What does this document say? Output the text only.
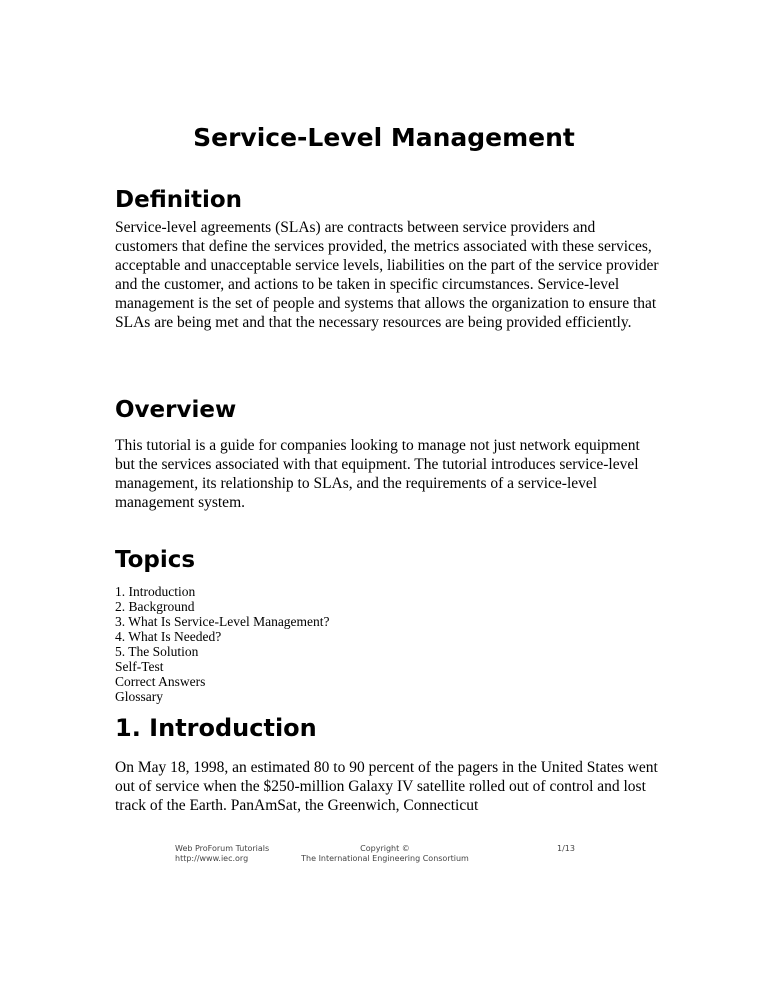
Service-Level Management
Definition

Service-level agreements (SLAs) are contracts between service providers and customers that define the services provided, the metrics associated with these services, acceptable and unacceptable service levels, liabilities on the part of the service provider and the customer, and actions to be taken in specific circumstances. Service-level management is the set of people and systems that allows the organization to ensure that SLAs are being met and that the necessary resources are being provided efficiently.

Overview

This tutorial is a guide for companies looking to manage not just network equipment but the services associated with that equipment. The tutorial introduces service-level management, its relationship to SLAs, and the requirements of a service-level management system.

Topics
1. Introduction
2. Background
3. What Is Service-Level Management?
4. What Is Needed?
5. The Solution
Self-Test
Correct Answers
Glossary
1. Introduction

On May 18, 1998, an estimated 80 to 90 percent of the pagers in the United States went out of service when the $250-million Galaxy IV satellite rolled out of control and lost track of the Earth. PanAmSat, the Greenwich, Connecticut

Web ProForum Tutorials
http://www.iec.org
Copyright ©
The International Engineering Consortium
1/13
